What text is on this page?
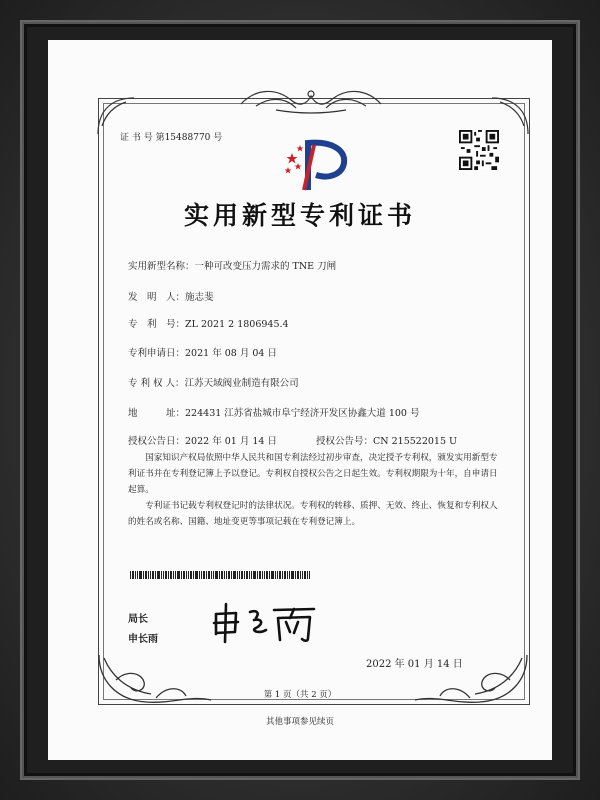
证 书 号 第15488770 号
实用新型专利证书
实用新型名称：一种可改变压力需求的 TNE 刀闸
发　明　人：施志斐
专　利　号：ZL 2021 2 1806945.4
专利申请日：2021 年 08 月 04 日
专 利 权 人：江苏天域阀业制造有限公司
地　　　址：224431 江苏省盐城市阜宁经济开发区协鑫大道 100 号
授权公告日：2022 年 01 月 14 日	授权公告号：CN 215522015 U
国家知识产权局依照中华人民共和国专利法经过初步审查，决定授予专利权，颁发实用新型专利证书并在专利登记簿上予以登记。专利权自授权公告之日起生效。专利权期限为十年，自申请日起算。
专利证书记载专利权登记时的法律状况。专利权的转移、质押、无效、终止、恢复和专利权人的姓名或名称、国籍、地址变更等事项记载在专利登记簿上。
局长
申长雨
2022 年 01 月 14 日
第 1 页（共 2 页）
其他事项参见续页
